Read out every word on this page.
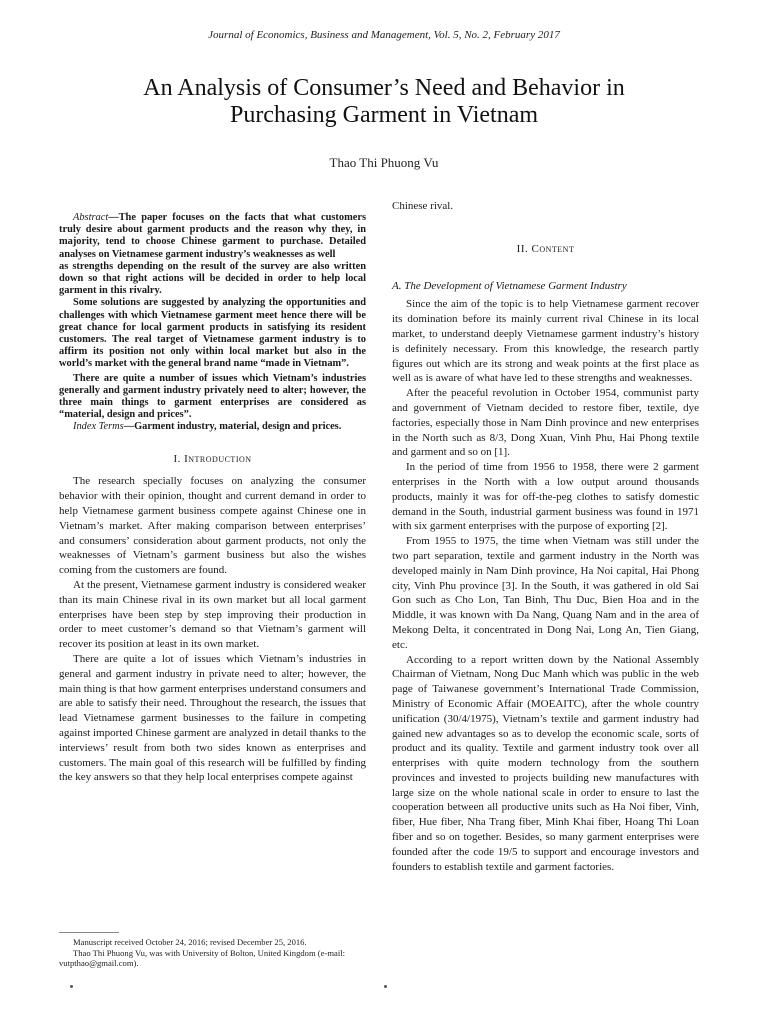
Journal of Economics, Business and Management, Vol. 5, No. 2, February 2017
An Analysis of Consumer’s Need and Behavior in
Purchasing Garment in Vietnam
Thao Thi Phuong Vu

Abstract—The paper focuses on the facts that what customers truly desire about garment products and the reason why they, in majority, tend to choose Chinese garment to purchase. Detailed analyses on Vietnamese garment industry’s weaknesses as well

as strengths depending on the result of the survey are also written down so that right actions will be decided in order to help local garment in this rivalry.

Some solutions are suggested by analyzing the opportunities and challenges with which Vietnamese garment meet hence there will be great chance for local garment products in satisfying its resident customers. The real target of Vietnamese garment industry is to affirm its position not only within local market but also in the world’s market with the general brand name “made in Vietnam”.

There are quite a number of issues which Vietnam’s industries generally and garment industry privately need to alter; however, the three main things to garment enterprises are considered as “material, design and prices”.

Index Terms—Garment industry, material, design and prices.

I. Introduction

The research specially focuses on analyzing the consumer behavior with their opinion, thought and current demand in order to help Vietnamese garment business compete against Chinese one in Vietnam’s market. After making comparison between enterprises’ and consumers’ consideration about garment products, not only the weaknesses of Vietnam’s garment business but also the wishes coming from the customers are found.

At the present, Vietnamese garment industry is considered weaker than its main Chinese rival in its own market but all local garment enterprises have been step by step improving their production in order to meet customer’s demand so that Vietnam’s garment will recover its position at least in its own market.

There are quite a lot of issues which Vietnam’s industries in general and garment industry in private need to alter; however, the main thing is that how garment enterprises understand consumers and are able to satisfy their need. Throughout the research, the issues that lead Vietnamese garment businesses to the failure in competing against imported Chinese garment are analyzed in detail thanks to the interviews’ result from both two sides known as enterprises and customers. The main goal of this research will be fulfilled by finding the key answers so that they help local enterprises compete against

Manuscript received October 24, 2016; revised December 25, 2016.

Thao Thi Phuong Vu, was with University of Bolton, United Kingdom (e-mail: vutpthao@gmail.com).

Chinese rival.

II. Content
A. The Development of Vietnamese Garment Industry

Since the aim of the topic is to help Vietnamese garment recover its domination before its mainly current rival Chinese in its local market, to understand deeply Vietnamese garment industry’s history is definitely necessary. From this knowledge, the research partly figures out which are its strong and weak points at the first place as well as is aware of what have led to these strengths and weaknesses.

After the peaceful revolution in October 1954, communist party and government of Vietnam decided to restore fiber, textile, dye factories, especially those in Nam Dinh province and new enterprises in the North such as 8/3, Dong Xuan, Vinh Phu, Hai Phong textile and garment and so on [1].

In the period of time from 1956 to 1958, there were 2 garment enterprises in the North with a low output around thousands products, mainly it was for off-the-peg clothes to satisfy domestic demand in the South, industrial garment business was found in 1971 with six garment enterprises with the purpose of exporting [2].

From 1955 to 1975, the time when Vietnam was still under the two part separation, textile and garment industry in the North was developed mainly in Nam Dinh province, Ha Noi capital, Hai Phong city, Vinh Phu province [3]. In the South, it was gathered in old Sai Gon such as Cho Lon, Tan Binh, Thu Duc, Bien Hoa and in the Middle, it was known with Da Nang, Quang Nam and in the area of Mekong Delta, it concentrated in Dong Nai, Long An, Tien Giang, etc.

According to a report written down by the National Assembly Chairman of Vietnam, Nong Duc Manh which was public in the web page of Taiwanese government’s International Trade Commission, Ministry of Economic Affair (MOEAITC), after the whole country unification (30/4/1975), Vietnam’s textile and garment industry had gained new advantages so as to develop the economic scale, sorts of product and its quality. Textile and garment industry took over all enterprises with quite modern technology from the southern provinces and invested to projects building new manufactures with large size on the whole national scale in order to ensure to last the cooperation between all productive units such as Ha Noi fiber, Vinh, fiber, Hue fiber, Nha Trang fiber, Minh Khai fiber, Hoang Thi Loan fiber and so on together. Besides, so many garment enterprises were founded after the code 19/5 to support and encourage investors and founders to establish textile and garment factories.
